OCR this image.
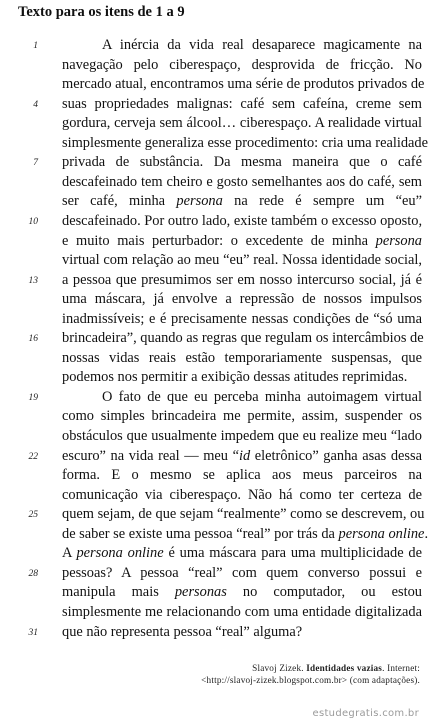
Texto para os itens de 1 a 9
1	A inércia da vida real desaparece magicamente na
navegação pelo ciberespaço, desprovida de fricção. No
mercado atual, encontramos uma série de produtos privados de
4 suas propriedades malignas: café sem cafeína, creme sem
gordura, cerveja sem álcool… ciberespaço. A realidade virtual
simplesmente generaliza esse procedimento: cria uma realidade
7 privada de substância. Da mesma maneira que o café
descafeinado tem cheiro e gosto semelhantes aos do café, sem
ser café, minha persona na rede é sempre um “eu”
10 descafeinado. Por outro lado, existe também o excesso oposto,
e muito mais perturbador: o excedente de minha persona
virtual com relação ao meu “eu” real. Nossa identidade social,
13 a pessoa que presumimos ser em nosso intercurso social, já é
uma máscara, já envolve a repressão de nossos impulsos
inadmissíveis; e é precisamente nessas condições de “só uma
16 brincadeira”, quando as regras que regulam os intercâmbios de
nossas vidas reais estão temporariamente suspensas, que
podemos nos permitir a exibição dessas atitudes reprimidas.
19	O fato de que eu perceba minha autoimagem virtual
como simples brincadeira me permite, assim, suspender os
obstáculos que usualmente impedem que eu realize meu “lado
22 escuro” na vida real — meu “id eletrônico” ganha asas dessa
forma. E o mesmo se aplica aos meus parceiros na
comunicação via ciberespaço. Não há como ter certeza de
25 quem sejam, de que sejam “realmente” como se descrevem, ou
de saber se existe uma pessoa “real” por trás da persona online.
A persona online é uma máscara para uma multiplicidade de
28 pessoas? A pessoa “real” com quem converso possui e
manipula mais personas no computador, ou estou
simplesmente me relacionando com uma entidade digitalizada
31 que não representa pessoa “real” alguma?
Slavoj Zizek. Identidades vazias. Internet:
<http://slavoj-zizek.blogspot.com.br> (com adaptações).
estudegratis.com.br
